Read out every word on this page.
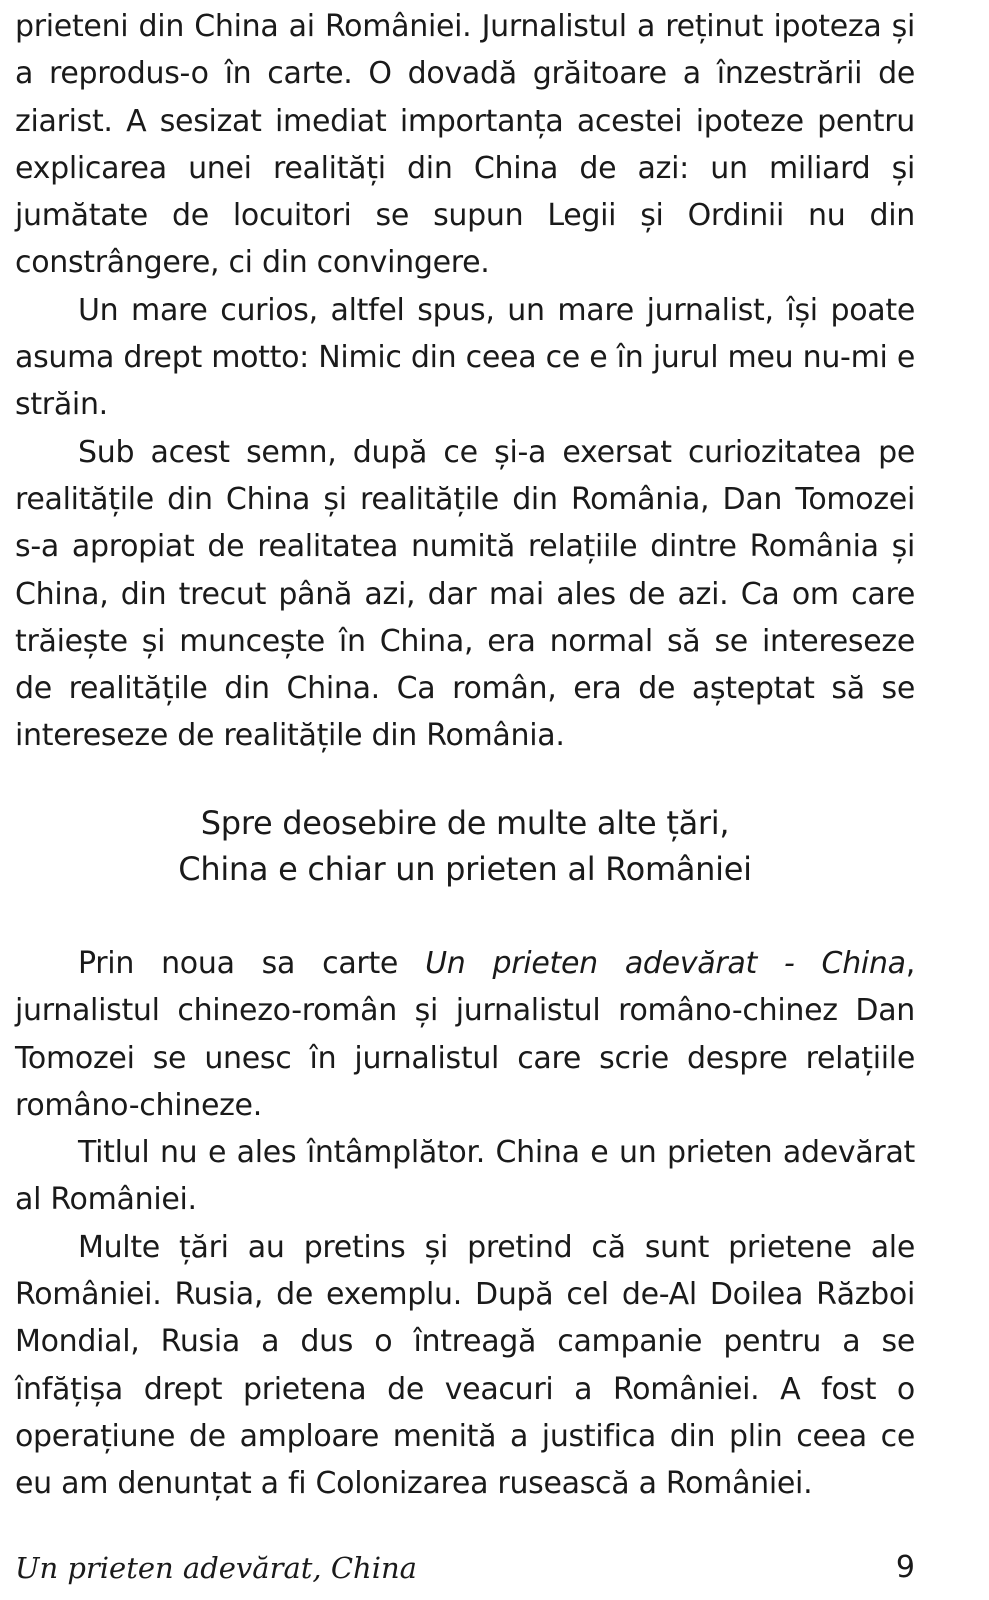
prieteni din China ai României. Jurnalistul a reținut ipoteza și a reprodus-o în carte. O dovadă grăitoare a înzestrării de ziarist. A sesizat imediat importanța acestei ipoteze pentru explicarea unei realități din China de azi: un miliard și jumătate de locuitori se supun Legii și Ordinii nu din constrângere, ci din convingere.

Un mare curios, altfel spus, un mare jurnalist, își poate asuma drept motto: Nimic din ceea ce e în jurul meu nu-mi e străin.

Sub acest semn, după ce și-a exersat curiozitatea pe realitățile din China și realitățile din România, Dan Tomozei s-a apropiat de realitatea numită relațiile dintre România și China, din trecut până azi, dar mai ales de azi. Ca om care trăiește și muncește în China, era normal să se intereseze de realitățile din China. Ca român, era de așteptat să se intereseze de realitățile din România.

Spre deosebire de multe alte țări,
China e chiar un prieten al României

Prin noua sa carte Un prieten adevărat - China, jurnalistul chinezo-român și jurnalistul româno-chinez Dan Tomozei se unesc în jurnalistul care scrie despre relațiile româno-chineze.

Titlul nu e ales întâmplător. China e un prieten adevărat al României.

Multe țări au pretins și pretind că sunt prietene ale României. Rusia, de exemplu. După cel de-Al Doilea Război Mondial, Rusia a dus o întreagă campanie pentru a se înfățișa drept prietena de veacuri a României. A fost o operațiune de amploare menită a justifica din plin ceea ce eu am denunțat a fi Colonizarea rusească a României.

Un prieten adevărat, China	9
